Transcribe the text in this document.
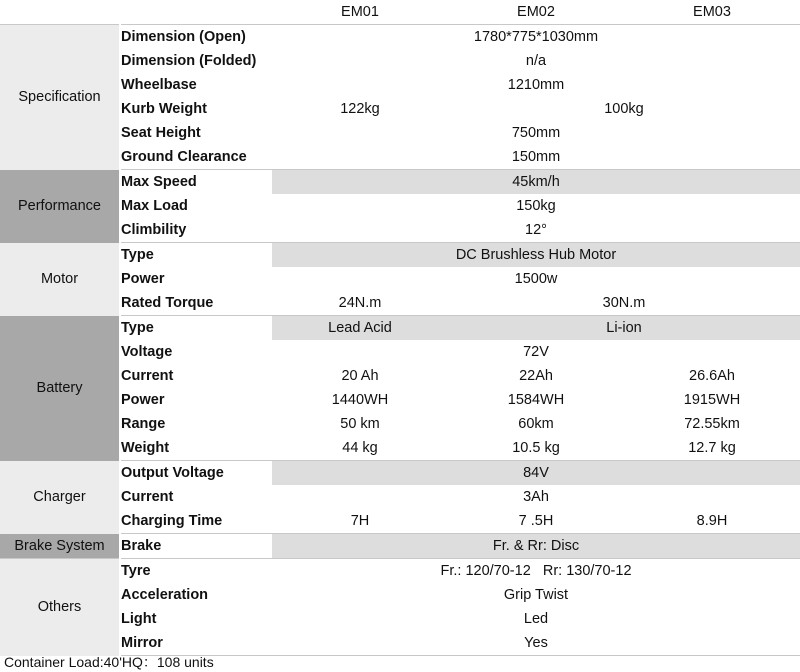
		EM01	EM02	EM03
Specification	Dimension (Open)	1780*775*1030mm		
	Dimension (Folded)	n/a		
	Wheelbase	1210mm		
	Kurb Weight	122kg	100kg	
	Seat Height	750mm		
	Ground Clearance	150mm		
Performance	Max Speed	45km/h		
	Max Load	150kg		
	Climbility	12°		
Motor	Type	DC Brushless Hub Motor		
	Power	1500w		
	Rated Torque	24N.m	30N.m	
Battery	Type	Lead Acid	Li-ion	
	Voltage	72V		
	Current	20 Ah	22Ah	26.6Ah
	Power	1440WH	1584WH	1915WH
	Range	50 km	60km	72.55km
	Weight	44 kg	10.5 kg	12.7 kg
Charger	Output Voltage	84V		
	Current	3Ah		
	Charging Time	7H	7 .5H	8.9H
Brake System	Brake	Fr. & Rr: Disc		
Others	Tyre	Fr.: 120/70-12   Rr: 130/70-12		
	Acceleration	Grip Twist		
	Light	Led		
	Mirror	Yes		
Container Load:40'HQ：108 units
